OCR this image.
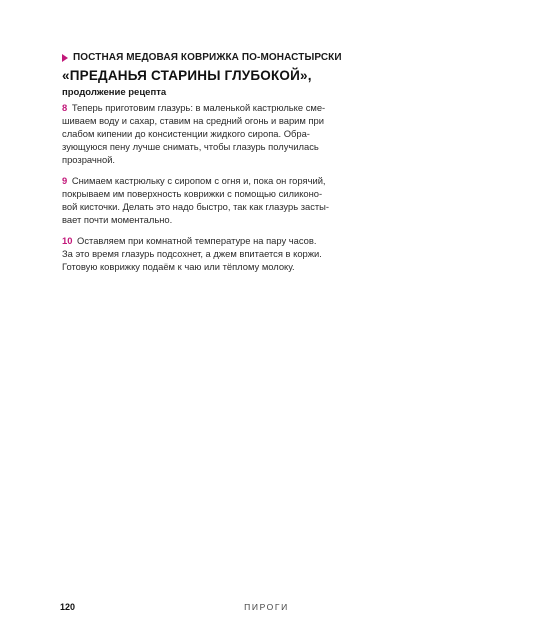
ПОСТНАЯ МЕДОВАЯ КОВРИЖКА ПО-МОНАСТЫРСКИ
«ПРЕДАНЬЯ СТАРИНЫ ГЛУБОКОЙ»,
продолжение рецепта

8 Теперь приготовим глазурь: в маленькой кастрюльке сме-
шиваем воду и сахар, ставим на средний огонь и варим при
слабом кипении до консистенции жидкого сиропа. Обра-
зующуюся пену лучше снимать, чтобы глазурь получилась
прозрачной.

9 Снимаем кастрюльку с сиропом с огня и, пока он горячий,
покрываем им поверхность коврижки с помощью силиконо-
вой кисточки. Делать это надо быстро, так как глазурь засты-
вает почти моментально.

10 Оставляем при комнатной температуре на пару часов.
За это время глазурь подсохнет, а джем впитается в коржи.
Готовую коврижку подаём к чаю или тёплому молоку.

120	ПИРОГИ
